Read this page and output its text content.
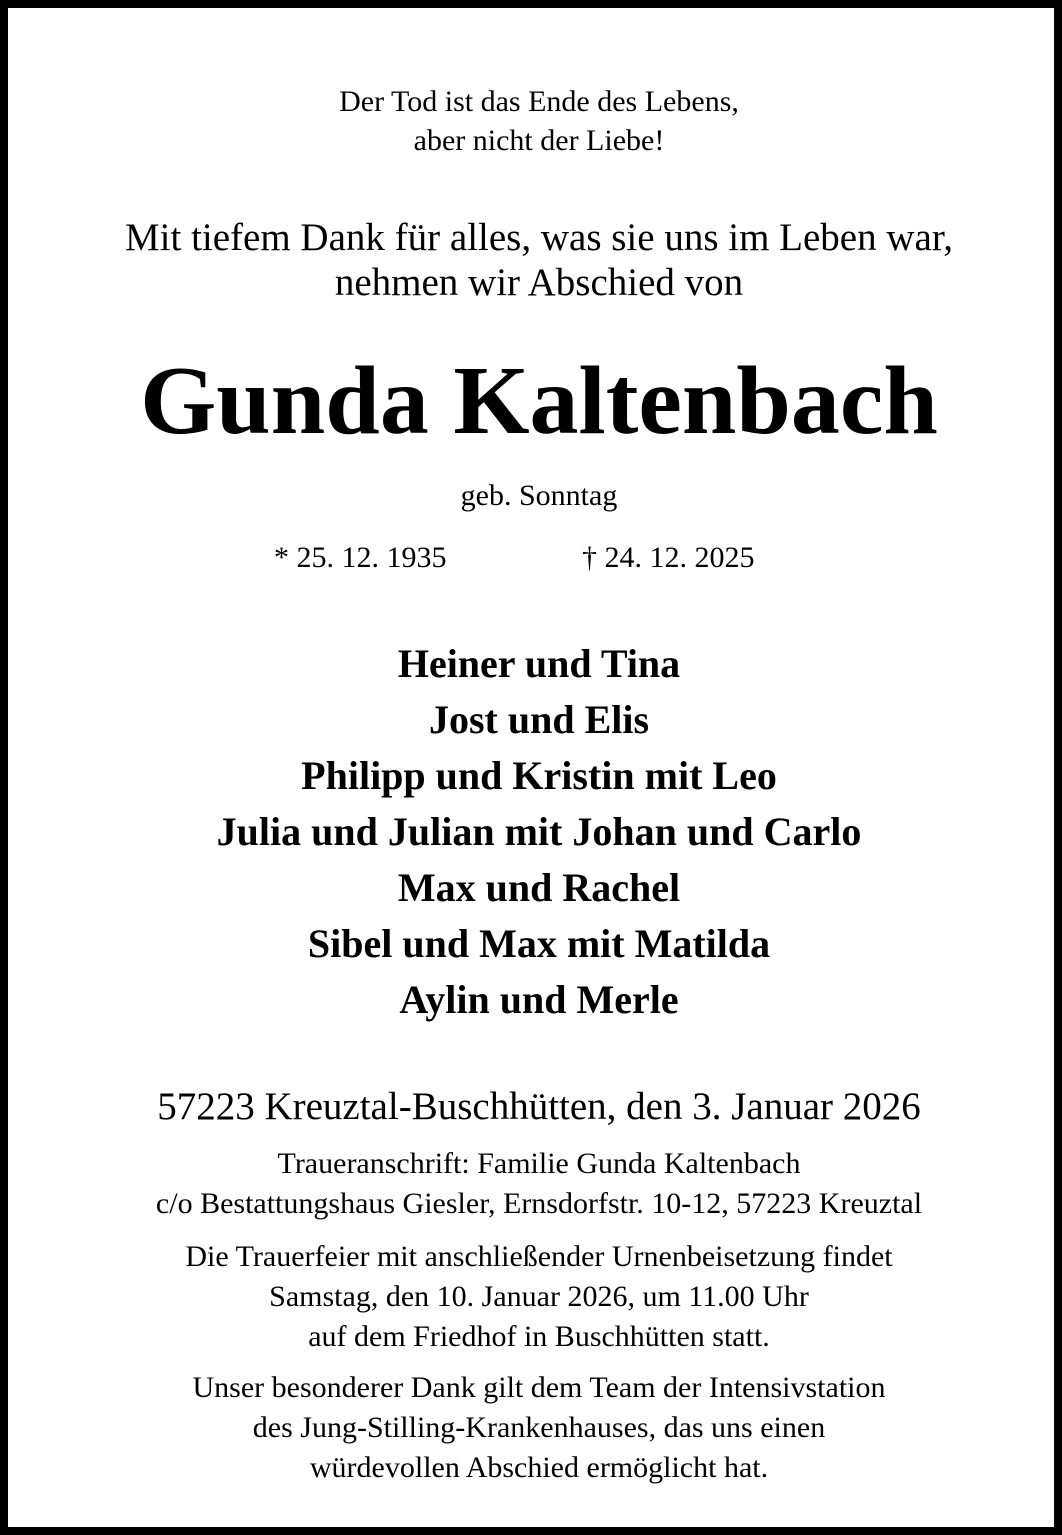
Der Tod ist das Ende des Lebens,

aber nicht der Liebe!

Mit tiefem Dank für alles, was sie uns im Leben war,

nehmen wir Abschied von

Gunda Kaltenbach

geb. Sonntag

* 25. 12. 1935	† 24. 12. 2025

Heiner und Tina

Jost und Elis

Philipp und Kristin mit Leo

Julia und Julian mit Johan und Carlo

Max und Rachel

Sibel und Max mit Matilda

Aylin und Merle

57223 Kreuztal-Buschhütten, den 3. Januar 2026

Traueranschrift: Familie Gunda Kaltenbach

c/o Bestattungshaus Giesler, Ernsdorfstr. 10-12, 57223 Kreuztal

Die Trauerfeier mit anschließender Urnenbeisetzung findet

Samstag, den 10. Januar 2026, um 11.00 Uhr

auf dem Friedhof in Buschhütten statt.

Unser besonderer Dank gilt dem Team der Intensivstation

des Jung-Stilling-Krankenhauses, das uns einen

würdevollen Abschied ermöglicht hat.
